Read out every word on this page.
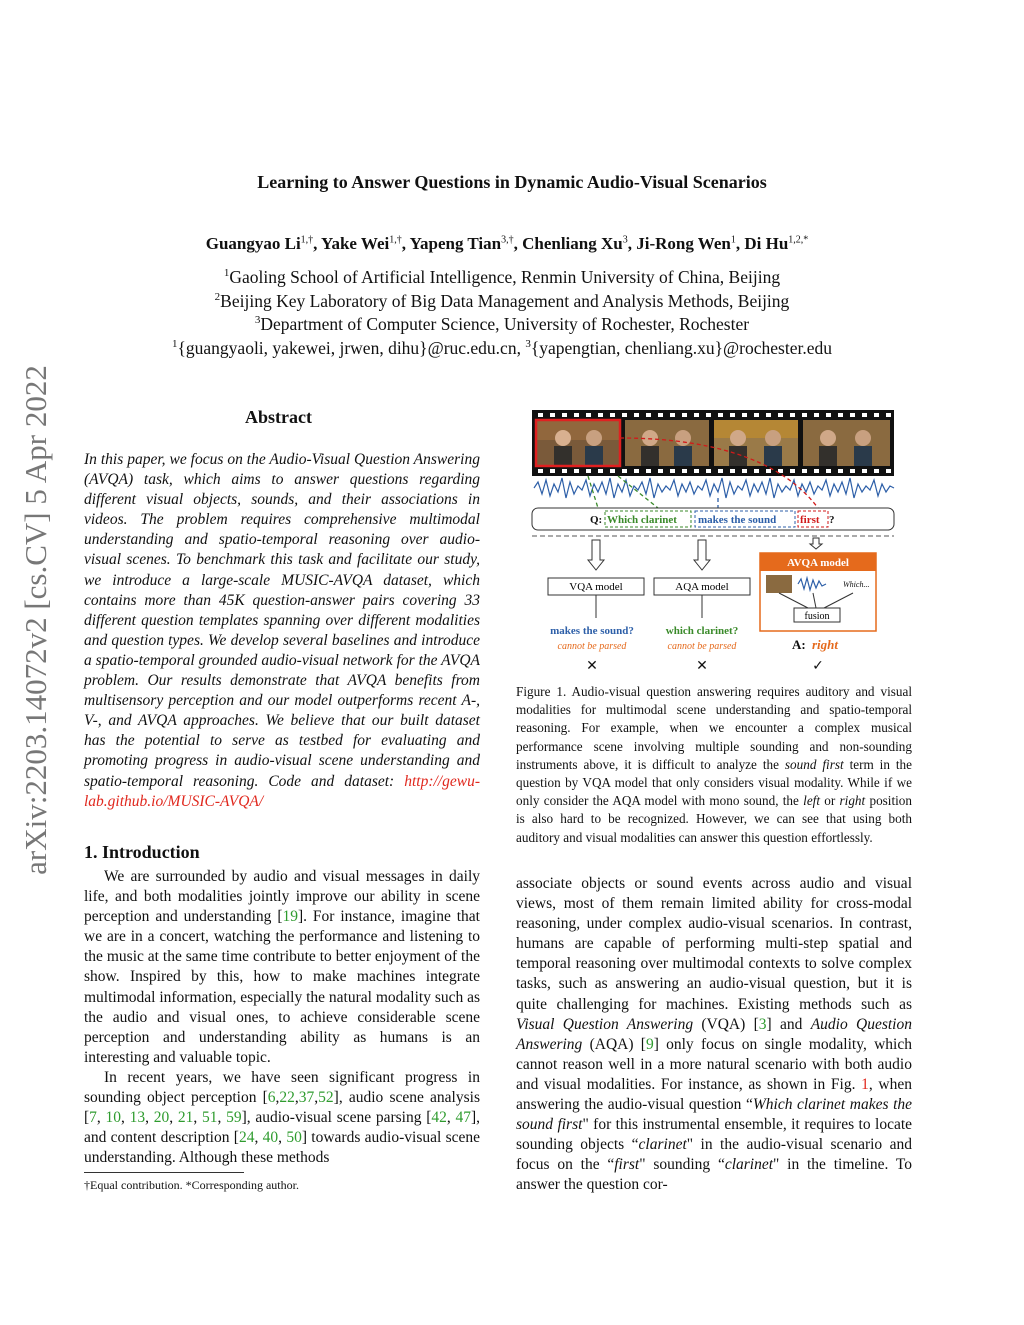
Learning to Answer Questions in Dynamic Audio-Visual Scenarios
Guangyao $Li^{1,\dagger}$, Yake Wei$^{1,\dagger}$, Yapeng Tian$^{3,\dagger}$, Chenliang Xu$^3$, Ji-Rong Wen$^1$, Di $Hu^{1,2,*}$
$^1$Gaoling School of Artificial Intelligence, Renmin University of China, Beijing
$^2$Beijing Key Laboratory of Big Data Management and Analysis Methods, Beijing
$^3$Department of Computer Science, University of Rochester, Rochester
$^1${guangyaoli, yakewei, jrwen, dihu}@ruc.edu.cn, $^3${yapengtian, chenliang.xu}@rochester.edu
arXiv:2203.14072v2 [cs.CV] 5 Apr 2022	Abstract
In this paper, we focus on the Audio-Visual Question Answering (AVQA) task, which aims to answer questions regarding different visual objects, sounds, and their associations in videos. The problem requires comprehensive multimodal understanding and spatio-temporal reasoning over audio-visual scenes. To benchmark this task and facilitate our study, we introduce a large-scale MUSIC-AVQA dataset, which contains more than 45K question-answer pairs covering 33 different question templates spanning over different modalities and question types. We develop several baselines and introduce a spatio-temporal grounded audio-visual network for the AVQA problem. Our results demonstrate that AVQA benefits from multisensory perception and our model outperforms recent A-, V-, and AVQA approaches. We believe that our built dataset has the potential to serve as testbed for evaluating and promoting progress in audio-visual scene understanding and spatio-temporal reasoning. Code and dataset: http://gewu-lab.github.io/MUSIC-AVQA/
1. Introduction

We are surrounded by audio and visual messages in daily life, and both modalities jointly improve our ability in scene perception and understanding [19]. For instance, imagine that we are in a concert, watching the performance and listening to the music at the same time contribute to better enjoyment of the show. Inspired by this, how to make machines integrate multimodal information, especially the natural modality such as the audio and visual ones, to achieve considerable scene perception and understanding ability as humans is an interesting and valuable topic.

In recent years, we have seen significant progress in sounding object perception [6,22,37,52], audio scene analysis [7, 10, 13, 20, 21, 51, 59], audio-visual scene parsing [42, 47], and content description [24, 40, 50] towards audio-visual scene understanding. Although these methods

†Equal contribution. *Corresponding author.
associate objects or sound events across audio and visual views, most of them remain limited ability for cross-modal reasoning, under complex audio-visual scenarios. In contrast, humans are capable of performing multi-step spatial and temporal reasoning over multimodal contexts to solve complex tasks, such as answering an audio-visual question, but it is quite challenging for machines. Existing methods such as Visual Question Answering (VQA) [3] and Audio Question Answering (AQA) [9] only focus on single modality, which cannot reason well in a more natural scenario with both audio and visual modalities. For instance, as shown in Fig. 1, when answering the audio-visual question “Which clarinet makes the sound first" for this instrumental ensemble, it requires to locate sounding objects “clarinet" in the audio-visual scenario and focus on the “first" sounding “clarinet" in the timeline. To answer the question cor-
Q: Which clarinet makes the sound first ?
VQA model
makes the sound?
cannot be parsed
✕
AQA model
which clarinet?
cannot be parsed
✕
AVQA model
Which...
fusion
A: right
✓
Figure 1. Audio-visual question answering requires auditory and visual modalities for multimodal scene understanding and spatio-temporal reasoning. For example, when we encounter a complex musical performance scene involving multiple sounding and non-sounding instruments above, it is difficult to analyze the sound first term in the question by VQA model that only considers visual modality. While if we only consider the AQA model with mono sound, the left or right position is also hard to be recognized. However, we can see that using both auditory and visual modalities can answer this question effortlessly.
